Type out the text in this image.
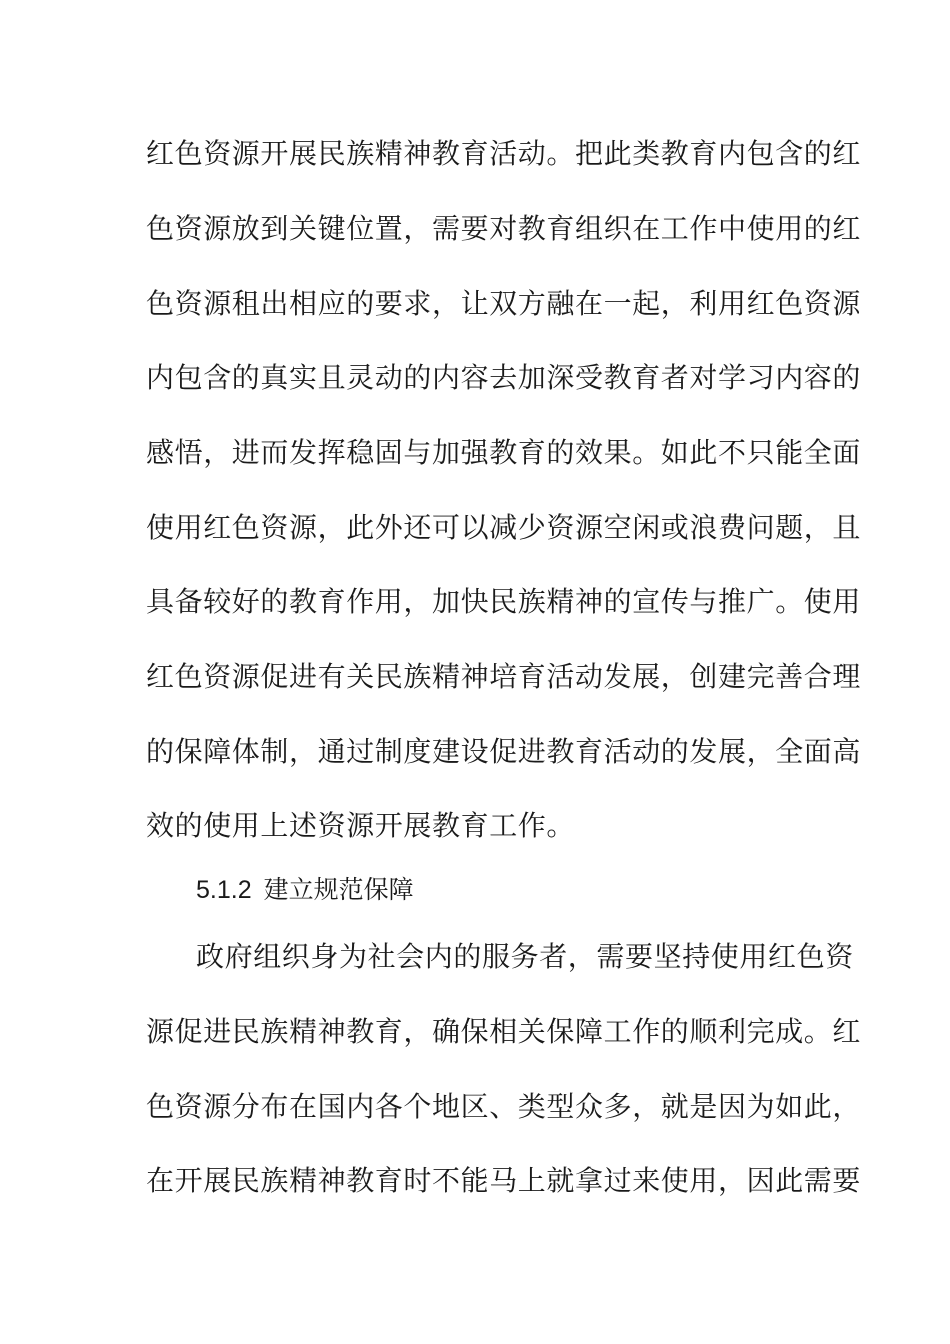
红色资源开展民族精神教育活动。把此类教育内包含的红
色资源放到关键位置，需要对教育组织在工作中使用的红
色资源租出相应的要求，让双方融在一起，利用红色资源
内包含的真实且灵动的内容去加深受教育者对学习内容的
感悟，进而发挥稳固与加强教育的效果。如此不只能全面
使用红色资源，此外还可以减少资源空闲或浪费问题，且
具备较好的教育作用，加快民族精神的宣传与推广。使用
红色资源促进有关民族精神培育活动发展，创建完善合理
的保障体制，通过制度建设促进教育活动的发展，全面高
效的使用上述资源开展教育工作。
5.1.2 建立规范保障
政府组织身为社会内的服务者，需要坚持使用红色资
源促进民族精神教育，确保相关保障工作的顺利完成。红
色资源分布在国内各个地区、类型众多，就是因为如此，
在开展民族精神教育时不能马上就拿过来使用，因此需要
